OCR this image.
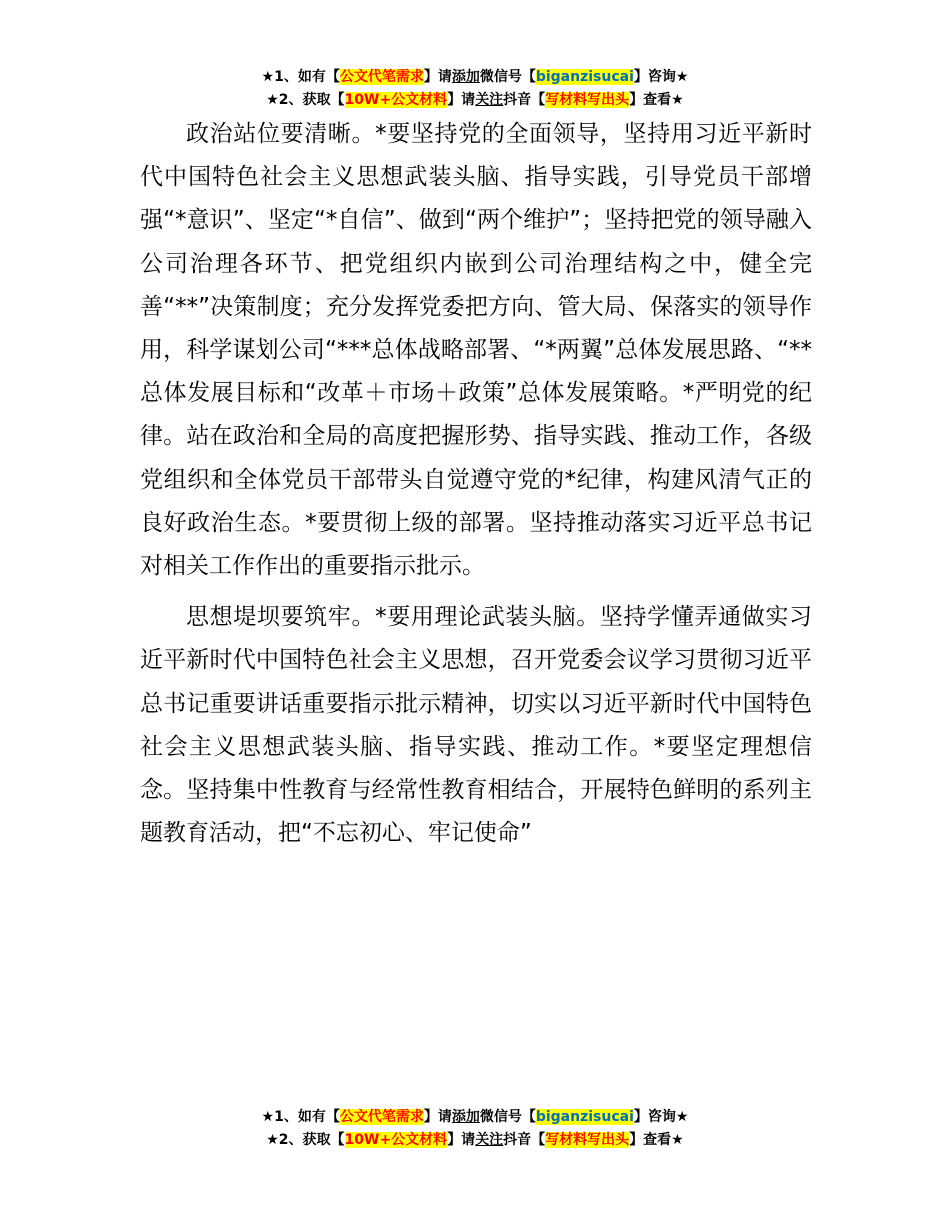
★1、如有【公文代笔需求】请添加微信号【biganzisucai】咨询★
★2、获取【10W+公文材料】请关注抖音【写材料写出头】查看★

政治站位要清晰。*要坚持党的全面领导，坚持用习近平新时代中国特色社会主义思想武装头脑、指导实践，引导党员干部增强“*意识”、坚定“*自信”、做到“两个维护”；坚持把党的领导融入公司治理各环节、把党组织内嵌到公司治理结构之中，健全完善“**”决策制度；充分发挥党委把方向、管大局、保落实的领导作用，科学谋划公司“***总体战略部署、“*两翼”总体发展思路、“**总体发展目标和“改革＋市场＋政策”总体发展策略。*严明党的纪律。站在政治和全局的高度把握形势、指导实践、推动工作，各级党组织和全体党员干部带头自觉遵守党的*纪律，构建风清气正的良好政治生态。*要贯彻上级的部署。坚持推动落实习近平总书记对相关工作作出的重要指示批示。

思想堤坝要筑牢。*要用理论武装头脑。坚持学懂弄通做实习近平新时代中国特色社会主义思想，召开党委会议学习贯彻习近平总书记重要讲话重要指示批示精神，切实以习近平新时代中国特色社会主义思想武装头脑、指导实践、推动工作。*要坚定理想信念。坚持集中性教育与经常性教育相结合，开展特色鲜明的系列主题教育活动，把“不忘初心、牢记使命”

★1、如有【公文代笔需求】请添加微信号【biganzisucai】咨询★
★2、获取【10W+公文材料】请关注抖音【写材料写出头】查看★
